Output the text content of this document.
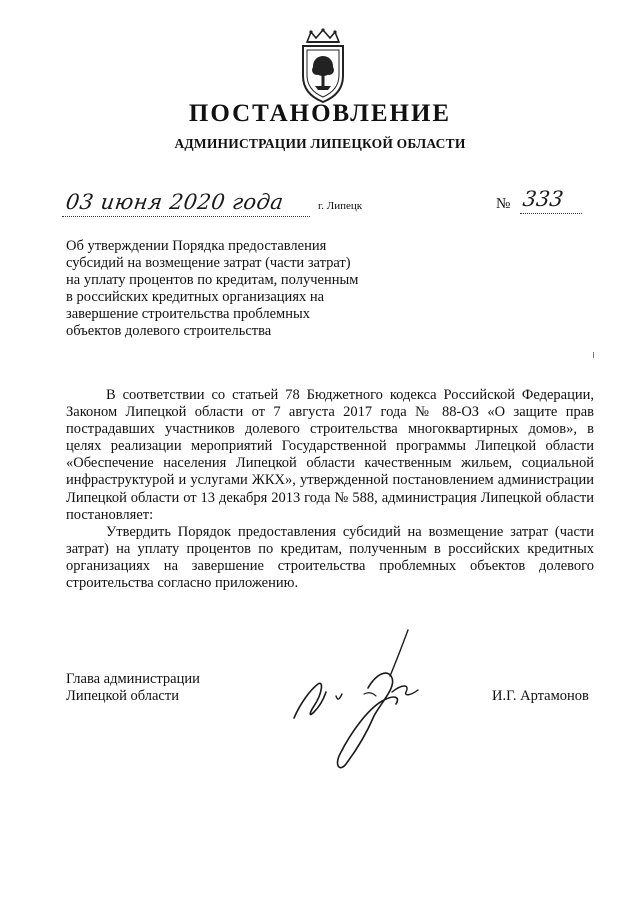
ПОСТАНОВЛЕНИЕ
АДМИНИСТРАЦИИ ЛИПЕЦКОЙ ОБЛАСТИ
03 июня 2020 года	г. Липецк	№ 333

Об утверждении Порядка предоставления
субсидий на возмещение затрат (части затрат)
на уплату процентов по кредитам, полученным
в российских кредитных организациях на
завершение строительства проблемных
объектов долевого строительства

В соответствии со статьей 78 Бюджетного кодекса Российской Федерации,
Законом Липецкой области от 7 августа 2017 года № 88-ОЗ «О защите прав
пострадавших участников долевого строительства многоквартирных домов», в
целях реализации мероприятий Государственной программы Липецкой области
«Обеспечение населения Липецкой области качественным жильем, социальной
инфраструктурой и услугами ЖКХ», утвержденной постановлением администрации
Липецкой области от 13 декабря 2013 года № 588, администрация Липецкой области
постановляет:
Утвердить Порядок предоставления субсидий на возмещение затрат (части
затрат) на уплату процентов по кредитам, полученным в российских кредитных
организациях на завершение строительства проблемных объектов долевого
строительства согласно приложению.
Глава администрации
Липецкой области	И.Г. Артамонов
